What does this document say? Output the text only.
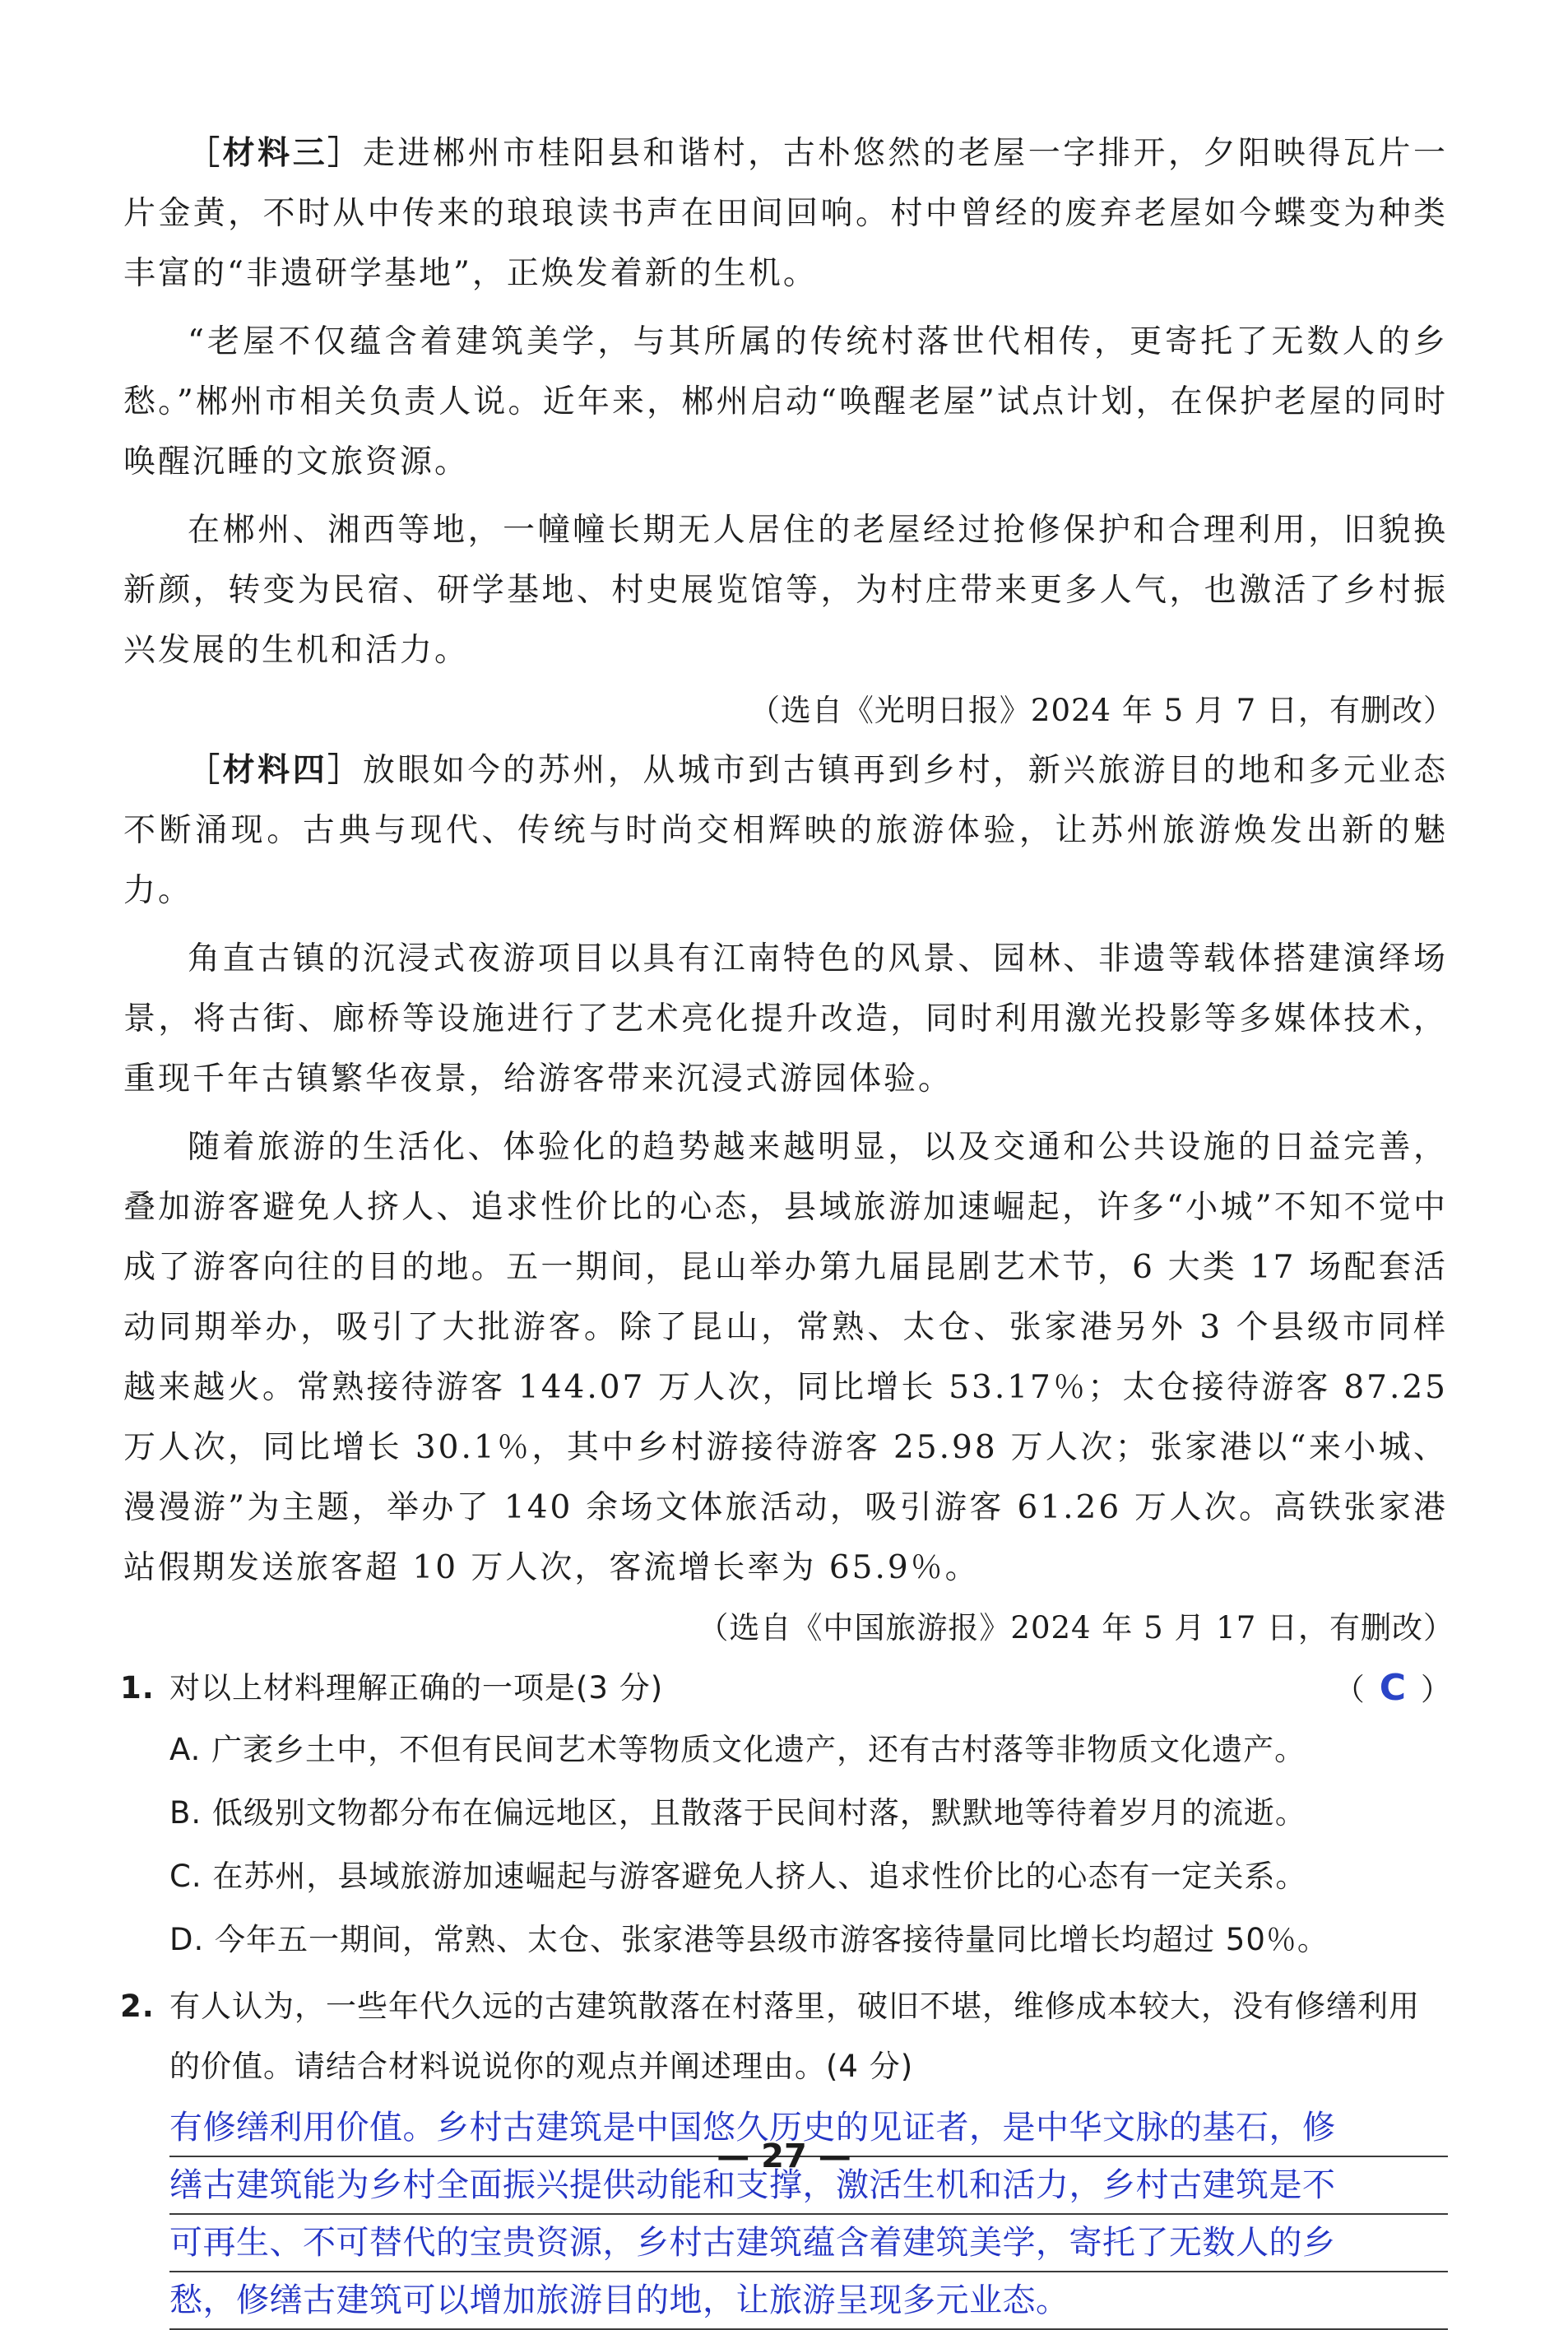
［材料三］走进郴州市桂阳县和谐村，古朴悠然的老屋一字排开，夕阳映得瓦片一片金黄，不时从中传来的琅琅读书声在田间回响。村中曾经的废弃老屋如今蝶变为种类丰富的“非遗研学基地”，正焕发着新的生机。

“老屋不仅蕴含着建筑美学，与其所属的传统村落世代相传，更寄托了无数人的乡愁。”郴州市相关负责人说。近年来，郴州启动“唤醒老屋”试点计划，在保护老屋的同时唤醒沉睡的文旅资源。

在郴州、湘西等地，一幢幢长期无人居住的老屋经过抢修保护和合理利用，旧貌换新颜，转变为民宿、研学基地、村史展览馆等，为村庄带来更多人气，也激活了乡村振兴发展的生机和活力。

（选自《光明日报》2024 年 5 月 7 日，有删改）

［材料四］放眼如今的苏州，从城市到古镇再到乡村，新兴旅游目的地和多元业态不断涌现。古典与现代、传统与时尚交相辉映的旅游体验，让苏州旅游焕发出新的魅力。

角直古镇的沉浸式夜游项目以具有江南特色的风景、园林、非遗等载体搭建演绎场景，将古街、廊桥等设施进行了艺术亮化提升改造，同时利用激光投影等多媒体技术，重现千年古镇繁华夜景，给游客带来沉浸式游园体验。

随着旅游的生活化、体验化的趋势越来越明显，以及交通和公共设施的日益完善，叠加游客避免人挤人、追求性价比的心态，县域旅游加速崛起，许多“小城”不知不觉中成了游客向往的目的地。五一期间，昆山举办第九届昆剧艺术节，6 大类 17 场配套活动同期举办，吸引了大批游客。除了昆山，常熟、太仓、张家港另外 3 个县级市同样越来越火。常熟接待游客 144.07 万人次，同比增长 53.17％；太仓接待游客 87.25 万人次，同比增长 30.1％，其中乡村游接待游客 25.98 万人次；张家港以“来小城、漫漫游”为主题，举办了 140 余场文体旅活动，吸引游客 61.26 万人次。高铁张家港站假期发送旅客超 10 万人次，客流增长率为 65.9％。

（选自《中国旅游报》2024 年 5 月 17 日，有删改）

1. 对以上材料理解正确的一项是(3 分)	（ C ）

A. 广袤乡土中，不但有民间艺术等物质文化遗产，还有古村落等非物质文化遗产。

B. 低级别文物都分布在偏远地区，且散落于民间村落，默默地等待着岁月的流逝。

C. 在苏州，县域旅游加速崛起与游客避免人挤人、追求性价比的心态有一定关系。

D. 今年五一期间，常熟、太仓、张家港等县级市游客接待量同比增长均超过 50％。

2. 有人认为，一些年代久远的古建筑散落在村落里，破旧不堪，维修成本较大，没有修缮利用的价值。请结合材料说说你的观点并阐述理由。(4 分)
有修缮利用价值。乡村古建筑是中国悠久历史的见证者，是中华文脉的基石，修
缮古建筑能为乡村全面振兴提供动能和支撑，激活生机和活力，乡村古建筑是不
可再生、不可替代的宝贵资源，乡村古建筑蕴含着建筑美学，寄托了无数人的乡
愁，修缮古建筑可以增加旅游目的地，让旅游呈现多元业态。
— 27 —
